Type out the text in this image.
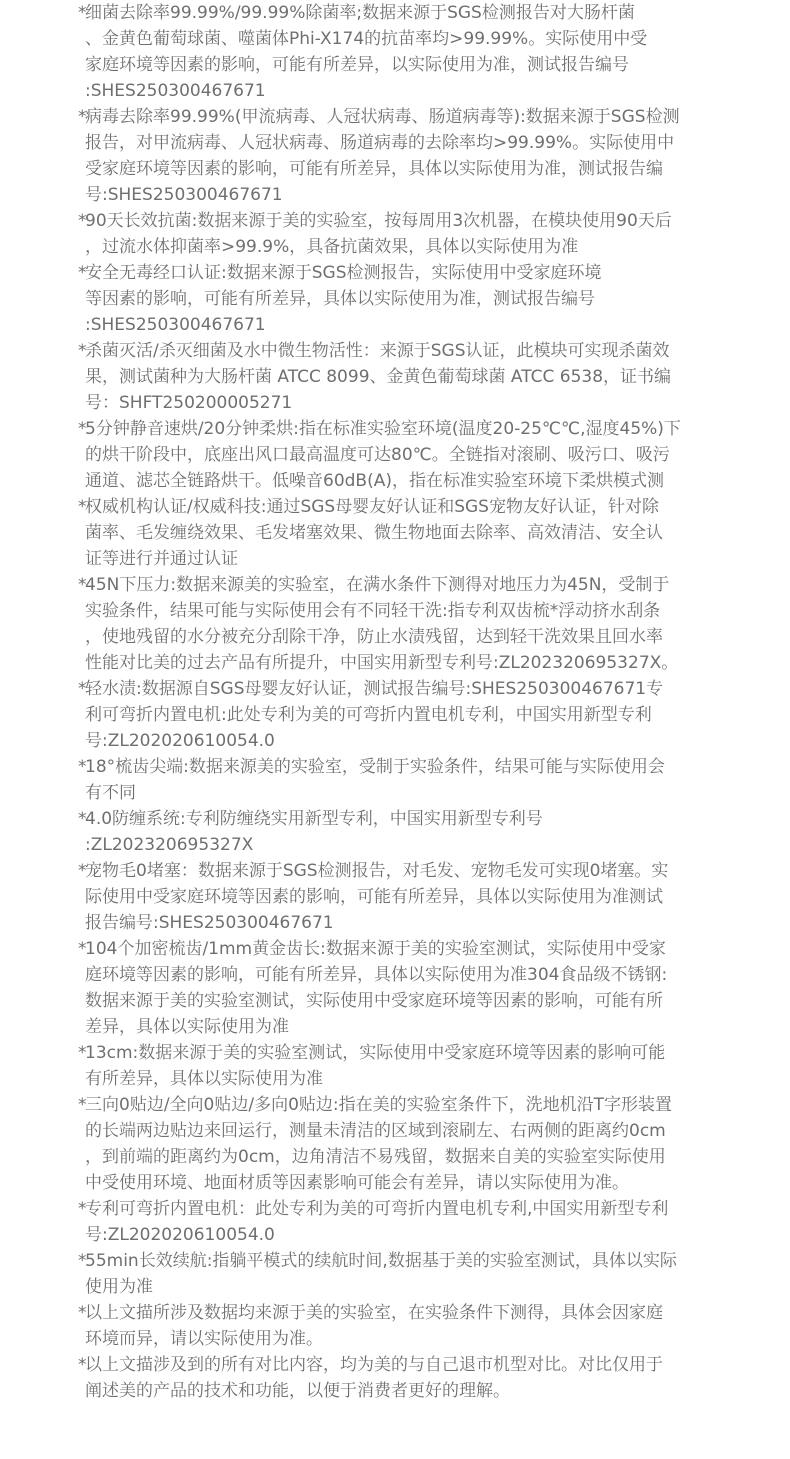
*
细菌去除率99.99%/99.99%除菌率;数据来源于SGS检测报告对大肠杆菌
、金黄色葡萄球菌、噬菌体Phi-X174的抗苗率均>99.99%。实际使用中受
家庭环境等因素的影响，可能有所差异，以实际使用为准，测试报告编号
:SHES250300467671
*
病毒去除率99.99%(甲流病毒、人冠状病毒、肠道病毒等):数据来源于SGS检测
报告，对甲流病毒、人冠状病毒、肠道病毒的去除率均>99.99%。实际使用中
受家庭环境等因素的影响，可能有所差异，具体以实际使用为准，测试报告编
号:SHES250300467671
*
90天长效抗菌:数据来源于美的实验室，按每周用3次机器，在模块使用90天后
，过流水体抑菌率>99.9%，具备抗菌效果，具体以实际使用为准
*
安全无毒经口认证:数据来源于SGS检测报告，实际使用中受家庭环境
等因素的影响，可能有所差异，具体以实际使用为准，测试报告编号
:SHES250300467671
*
杀菌灭活/杀灭细菌及水中微生物活性：来源于SGS认证，此模块可实现杀菌效
果，测试菌种为大肠杆菌 ATCC 8099、金黄色葡萄球菌 ATCC 6538，证书编
号：SHFT250200005271
*
5分钟静音速烘/20分钟柔烘:指在标准实验室环境(温度20-25℃℃,湿度45%)下
的烘干阶段中，底座出风口最高温度可达80℃。全链指对滚刷、吸污口、吸污
通道、滤芯全链路烘干。低噪音60dB(A)，指在标准实验室环境下柔烘模式测
*
权威机构认证/权威科技:通过SGS母婴友好认证和SGS宠物友好认证，针对除
菌率、毛发缠绕效果、毛发堵塞效果、微生物地面去除率、高效清洁、安全认
证等进行并通过认证
*
45N下压力:数据来源美的实验室，在满水条件下测得对地压力为45N，受制于
实验条件，结果可能与实际使用会有不同轻干洗:指专利双齿梳*浮动挤水刮条
，使地残留的水分被充分刮除干净，防止水渍残留，达到轻干洗效果且回水率
性能对比美的过去产品有所提升，中国实用新型专利号:ZL202320695327X。
*
轻水渍:数据源自SGS母婴友好认证，测试报告编号:SHES250300467671专
利可弯折内置电机:此处专利为美的可弯折内置电机专利，中国实用新型专利
号:ZL202020610054.0
*
18°梳齿尖端:数据来源美的实验室，受制于实验条件，结果可能与实际使用会
有不同
*
4.0防缠系统:专利防缠绕实用新型专利，中国实用新型专利号
:ZL202320695327X
*
宠物毛0堵塞：数据来源于SGS检测报告，对毛发、宠物毛发可实现0堵塞。实
际使用中受家庭环境等因素的影响，可能有所差异，具体以实际使用为准测试
报告编号:SHES250300467671
*
104个加密梳齿/1mm黄金齿长:数据来源于美的实验室测试，实际使用中受家
庭环境等因素的影响，可能有所差异，具体以实际使用为准304食品级不锈钢:
数据来源于美的实验室测试，实际使用中受家庭环境等因素的影响，可能有所
差异，具体以实际使用为准
*
13cm:数据来源于美的实验室测试，实际使用中受家庭环境等因素的影响可能
有所差异，具体以实际使用为准
*
三向0贴边/全向0贴边/多向0贴边:指在美的实验室条件下，洗地机沿T字形装置
的长端两边贴边来回运行，测量未清洁的区域到滚刷左、右两侧的距离约0cm
，到前端的距离约为0cm，边角清洁不易残留，数据来自美的实验室实际使用
中受使用环境、地面材质等因素影响可能会有差异，请以实际使用为准。
*
专利可弯折内置电机：此处专利为美的可弯折内置电机专利,中国实用新型专利
号:ZL202020610054.0
*
55min长效续航:指躺平模式的续航时间,数据基于美的实验室测试，具体以实际
使用为准
*
以上文描所涉及数据均来源于美的实验室，在实验条件下测得，具体会因家庭
环境而异，请以实际使用为准。
*
以上文描涉及到的所有对比内容，均为美的与自己退市机型对比。对比仅用于
阐述美的产品的技术和功能，以便于消费者更好的理解。
